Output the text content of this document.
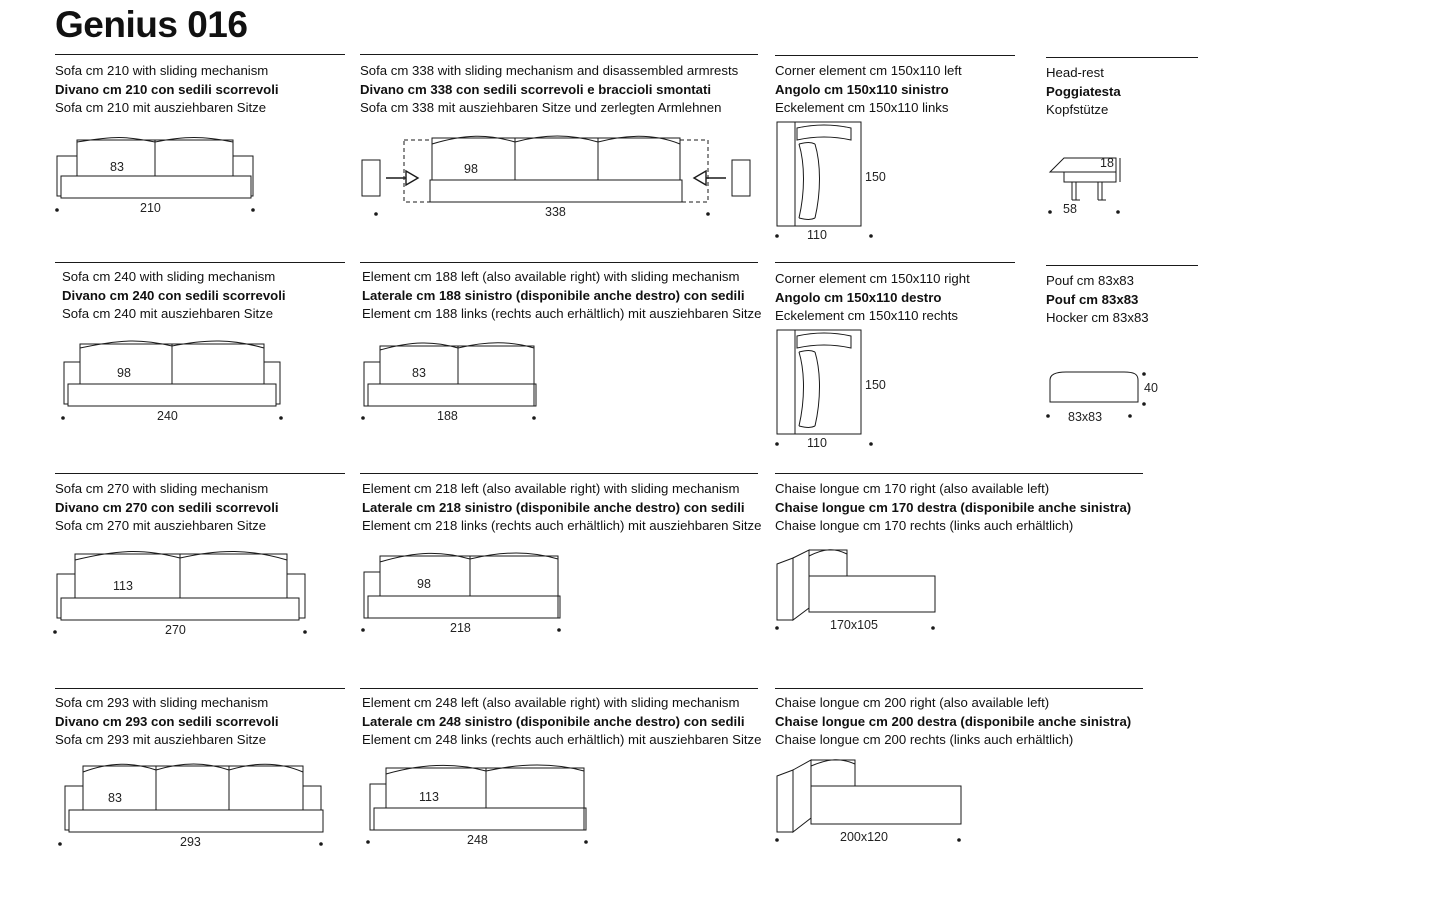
Genius 016
Sofa cm 210 with sliding mechanism
Divano cm 210 con sedili scorrevoli
Sofa cm 210 mit ausziehbaren Sitze
83
210
Sofa cm 240 with sliding mechanism
Divano cm 240 con sedili scorrevoli
Sofa cm 240 mit ausziehbaren Sitze
98
240
Sofa cm 270 with sliding mechanism
Divano cm 270 con sedili scorrevoli
Sofa cm 270 mit ausziehbaren Sitze
113
270
Sofa cm 293 with sliding mechanism
Divano cm 293 con sedili scorrevoli
Sofa cm 293 mit ausziehbaren Sitze
83
293
Sofa cm 338 with sliding mechanism and disassembled armrests
Divano cm 338 con sedili scorrevoli e braccioli smontati
Sofa cm 338 mit ausziehbaren Sitze und zerlegten Armlehnen
98
338
Element cm 188 left (also available right) with sliding mechanism
Laterale cm 188 sinistro (disponibile anche destro) con sedili
Element cm 188 links (rechts auch erhältlich) mit ausziehbaren Sitze
83
188
Element cm 218 left (also available right) with sliding mechanism
Laterale cm 218 sinistro (disponibile anche destro) con sedili
Element cm 218 links (rechts auch erhältlich) mit ausziehbaren Sitze
98
218
Element cm 248 left (also available right) with sliding mechanism
Laterale cm 248 sinistro (disponibile anche destro) con sedili
Element cm 248 links (rechts auch erhältlich) mit ausziehbaren Sitze
113
248
Corner element cm 150x110 left
Angolo cm 150x110 sinistro
Eckelement cm 150x110 links
150
110
Corner element cm 150x110 right
Angolo cm 150x110 destro
Eckelement cm 150x110 rechts
150
110
Chaise longue cm 170 right (also available left)
Chaise longue cm 170 destra (disponibile anche sinistra)
Chaise longue cm 170 rechts (links auch erhältlich)
170x105
Chaise longue cm 200 right (also available left)
Chaise longue cm 200 destra (disponibile anche sinistra)
Chaise longue cm 200 rechts (links auch erhältlich)
200x120
Head-rest
Poggiatesta
Kopfstütze
18
58
Pouf cm 83x83
Pouf cm 83x83
Hocker cm 83x83
40
83x83
